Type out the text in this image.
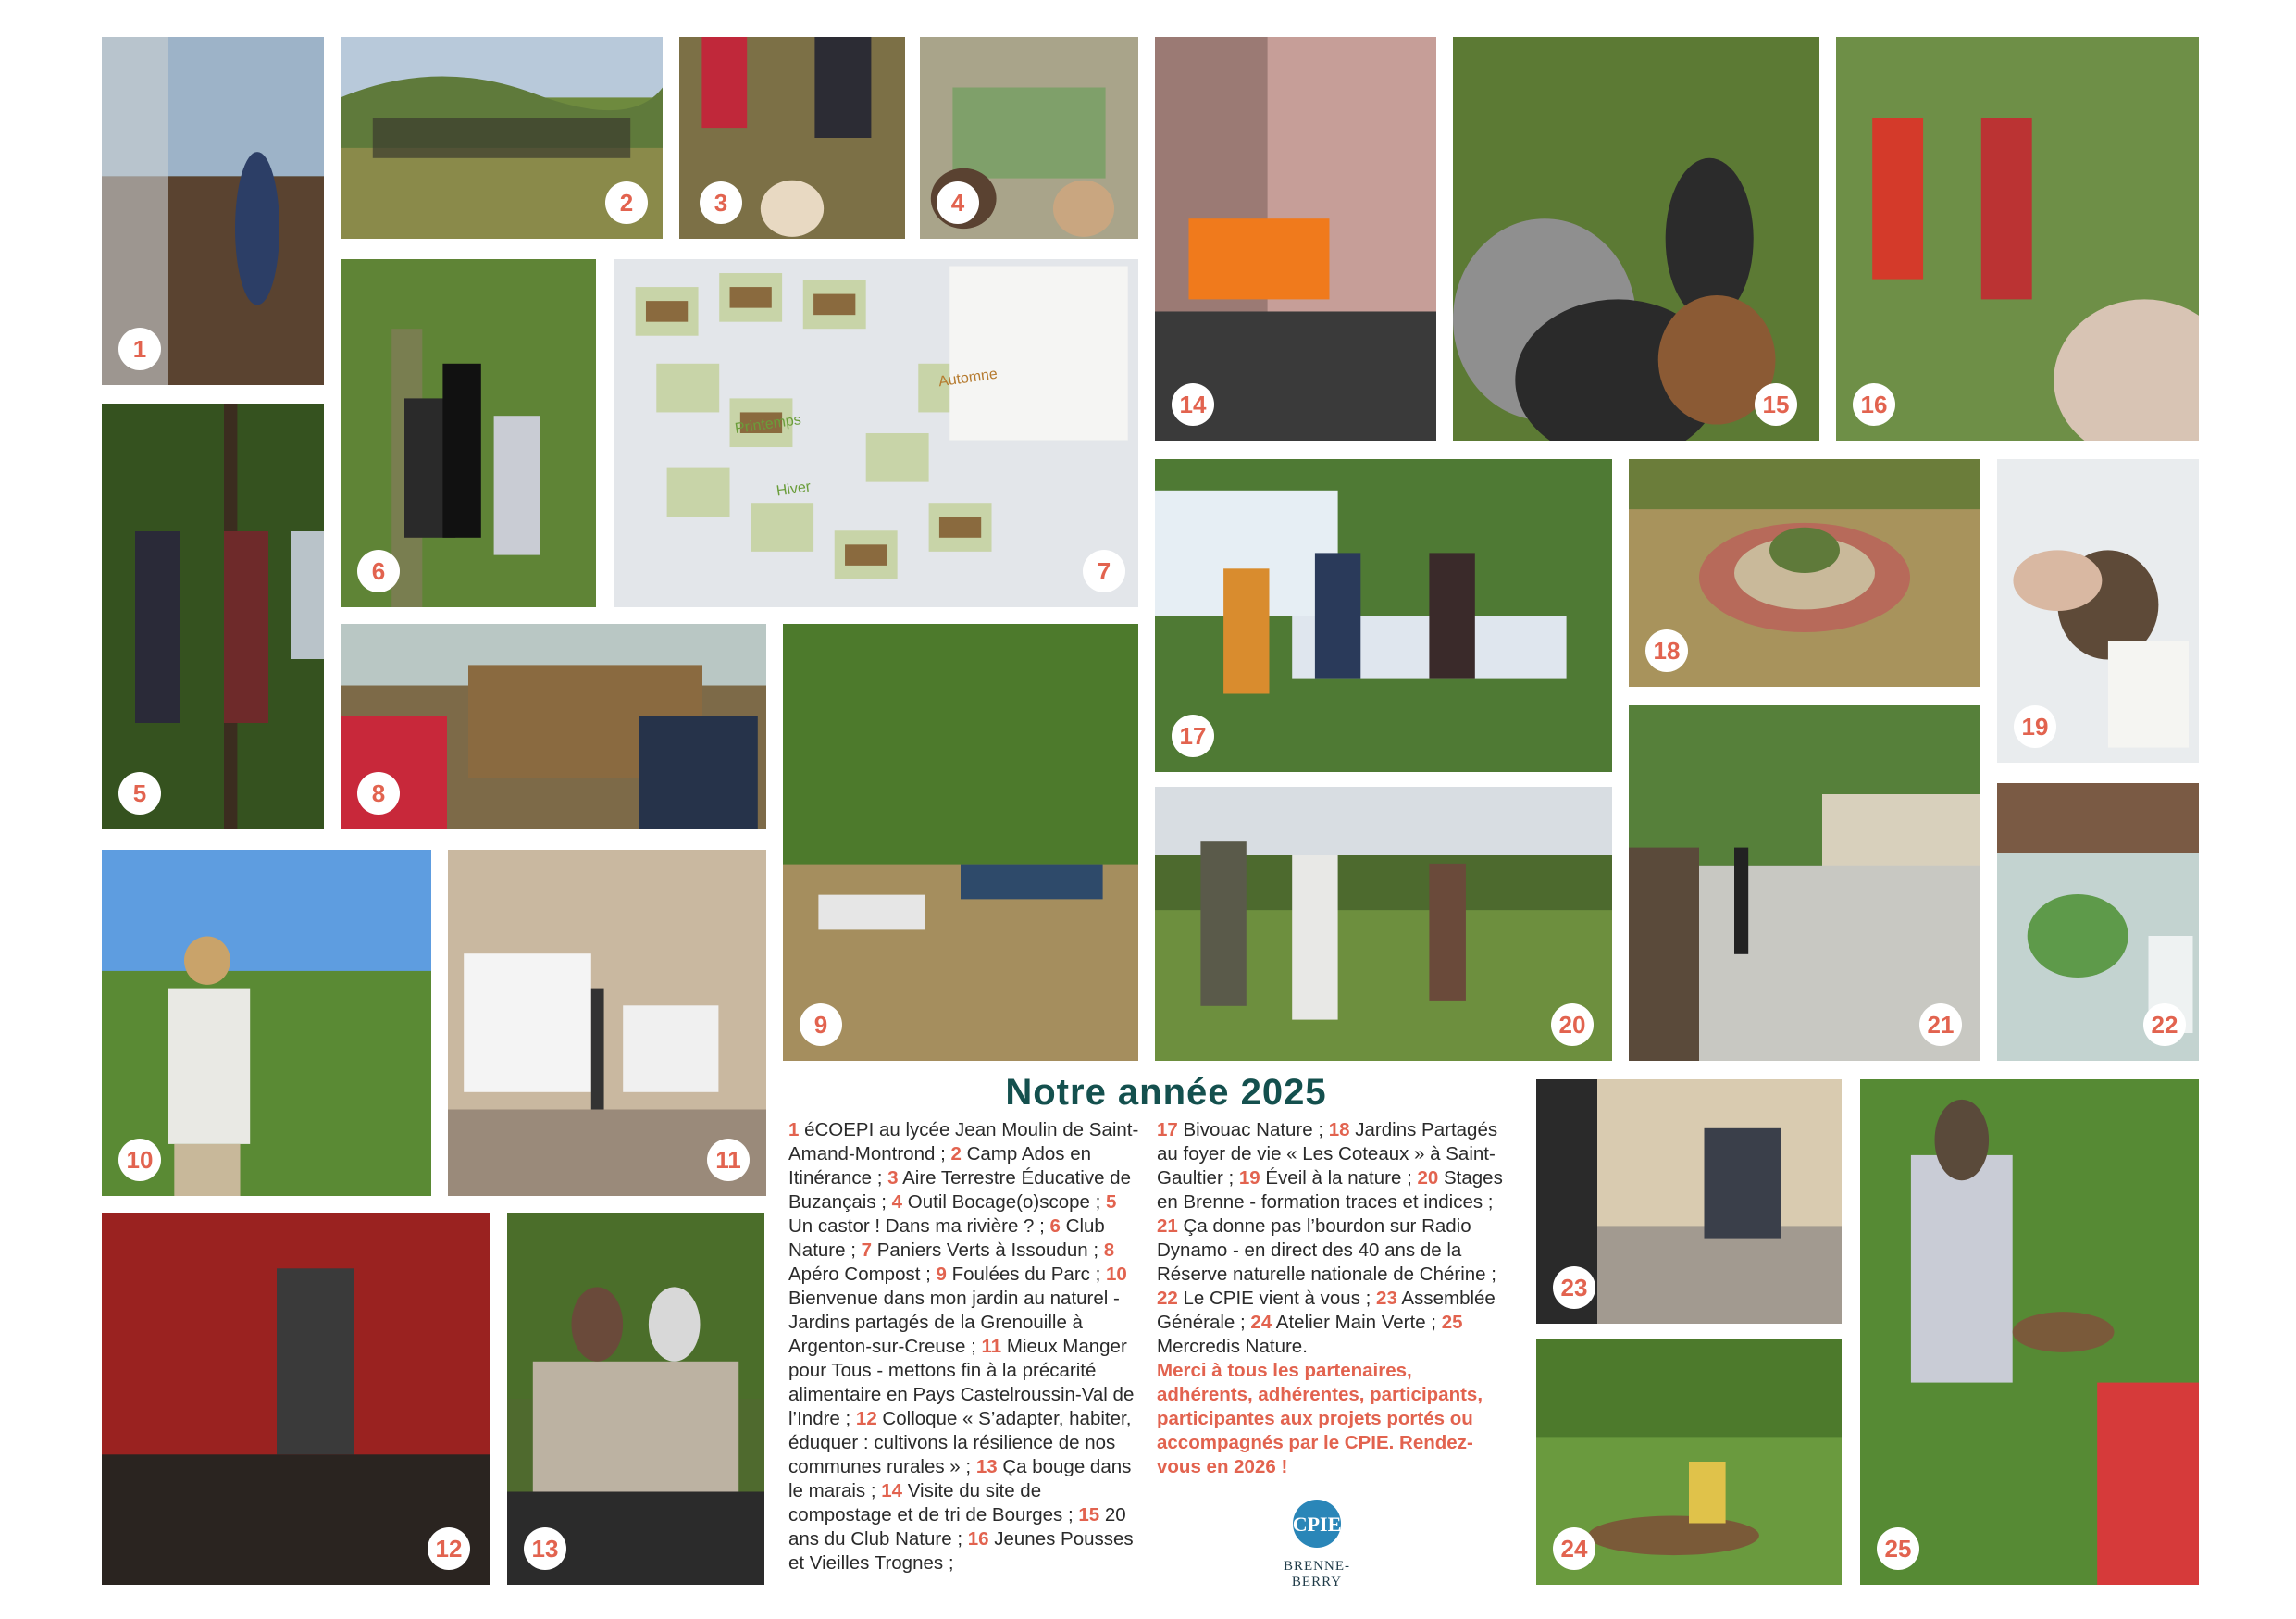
1
2	3	4
14	15	16
5
6
Printemps
Automne
Hiver
7
17
18
19
8
9	20	21	22
10	11
12	13
23
24	25
Notre année 2025
1 éCOEPI au lycée Jean Moulin de Saint-Amand-Montrond ; 2 Camp Ados en Itinérance ; 3 Aire Terrestre Éducative de Buzançais ; 4 Outil Bocage(o)scope ; 5 Un castor ! Dans ma rivière ? ; 6 Club Nature ; 7 Paniers Verts à Issoudun ; 8 Apéro Compost ; 9 Foulées du Parc ; 10 Bienvenue dans mon jardin au naturel - Jardins partagés de la Grenouille à Argenton-sur-Creuse ; 11 Mieux Manger pour Tous - mettons fin à la précarité alimentaire en Pays Castelroussin-Val de l’Indre ; 12 Colloque « S’adapter, habiter, éduquer : cultivons la résilience de nos communes rurales » ; 13 Ça bouge dans le marais ; 14 Visite du site de compostage et de tri de Bourges ; 15 20 ans du Club Nature ; 16 Jeunes Pousses et Vieilles Trognes ;
17 Bivouac Nature ; 18 Jardins Partagés au foyer de vie « Les Coteaux » à Saint-Gaultier ; 19 Éveil à la nature ; 20 Stages en Brenne - formation traces et indices ; 21 Ça donne pas l’bourdon sur Radio Dynamo - en direct des 40 ans de la Réserve naturelle nationale de Chérine ; 22 Le CPIE vient à vous ; 23 Assemblée Générale ; 24 Atelier Main Verte ; 25 Mercredis Nature.
Merci à tous les partenaires, adhérents, adhérentes, participants, participantes aux projets portés ou accompagnés par le CPIE. Rendez-vous en 2026 !
CPIE
BRENNE-BERRY
